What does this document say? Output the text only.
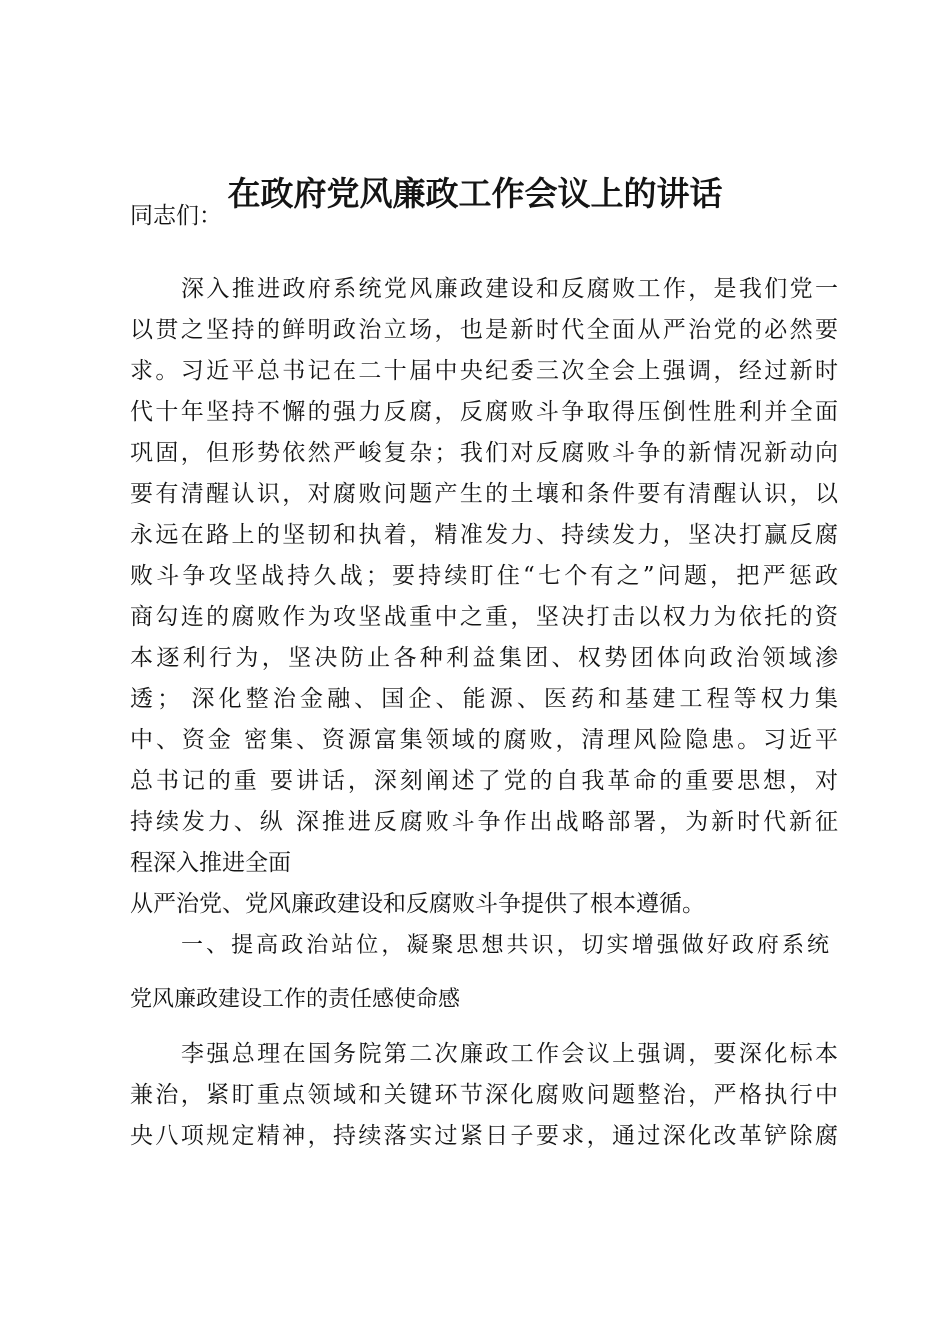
在政府党风廉政工作会议上的讲话
同志们：
深入推进政府系统党风廉政建设和反腐败工作，是我们党一
以贯之坚持的鲜明政治立场，也是新时代全面从严治党的必然要
求。习近平总书记在二十届中央纪委三次全会上强调，经过新时
代十年坚持不懈的强力反腐，反腐败斗争取得压倒性胜利并全面
巩固，但形势依然严峻复杂；我们对反腐败斗争的新情况新动向
要有清醒认识，对腐败问题产生的土壤和条件要有清醒认识，以
永远在路上的坚韧和执着，精准发力、持续发力，坚决打赢反腐
败斗争攻坚战持久战；要持续盯住“七个有之”问题，把严惩政
商勾连的腐败作为攻坚战重中之重，坚决打击以权力为依托的资
本逐利行为，坚决防止各种利益集团、权势团体向政治领域渗
透； 深化整治金融、国企、能源、医药和基建工程等权力集
中、资金 密集、资源富集领域的腐败，清理风险隐患。习近平
总书记的重 要讲话，深刻阐述了党的自我革命的重要思想，对
持续发力、纵 深推进反腐败斗争作出战略部署，为新时代新征
程深入推进全面
从严治党、党风廉政建设和反腐败斗争提供了根本遵循。
一、提高政治站位，凝聚思想共识，切实增强做好政府系统
党风廉政建设工作的责任感使命感
李强总理在国务院第二次廉政工作会议上强调，要深化标本
兼治，紧盯重点领域和关键环节深化腐败问题整治，严格执行中
央八项规定精神，持续落实过紧日子要求，通过深化改革铲除腐
